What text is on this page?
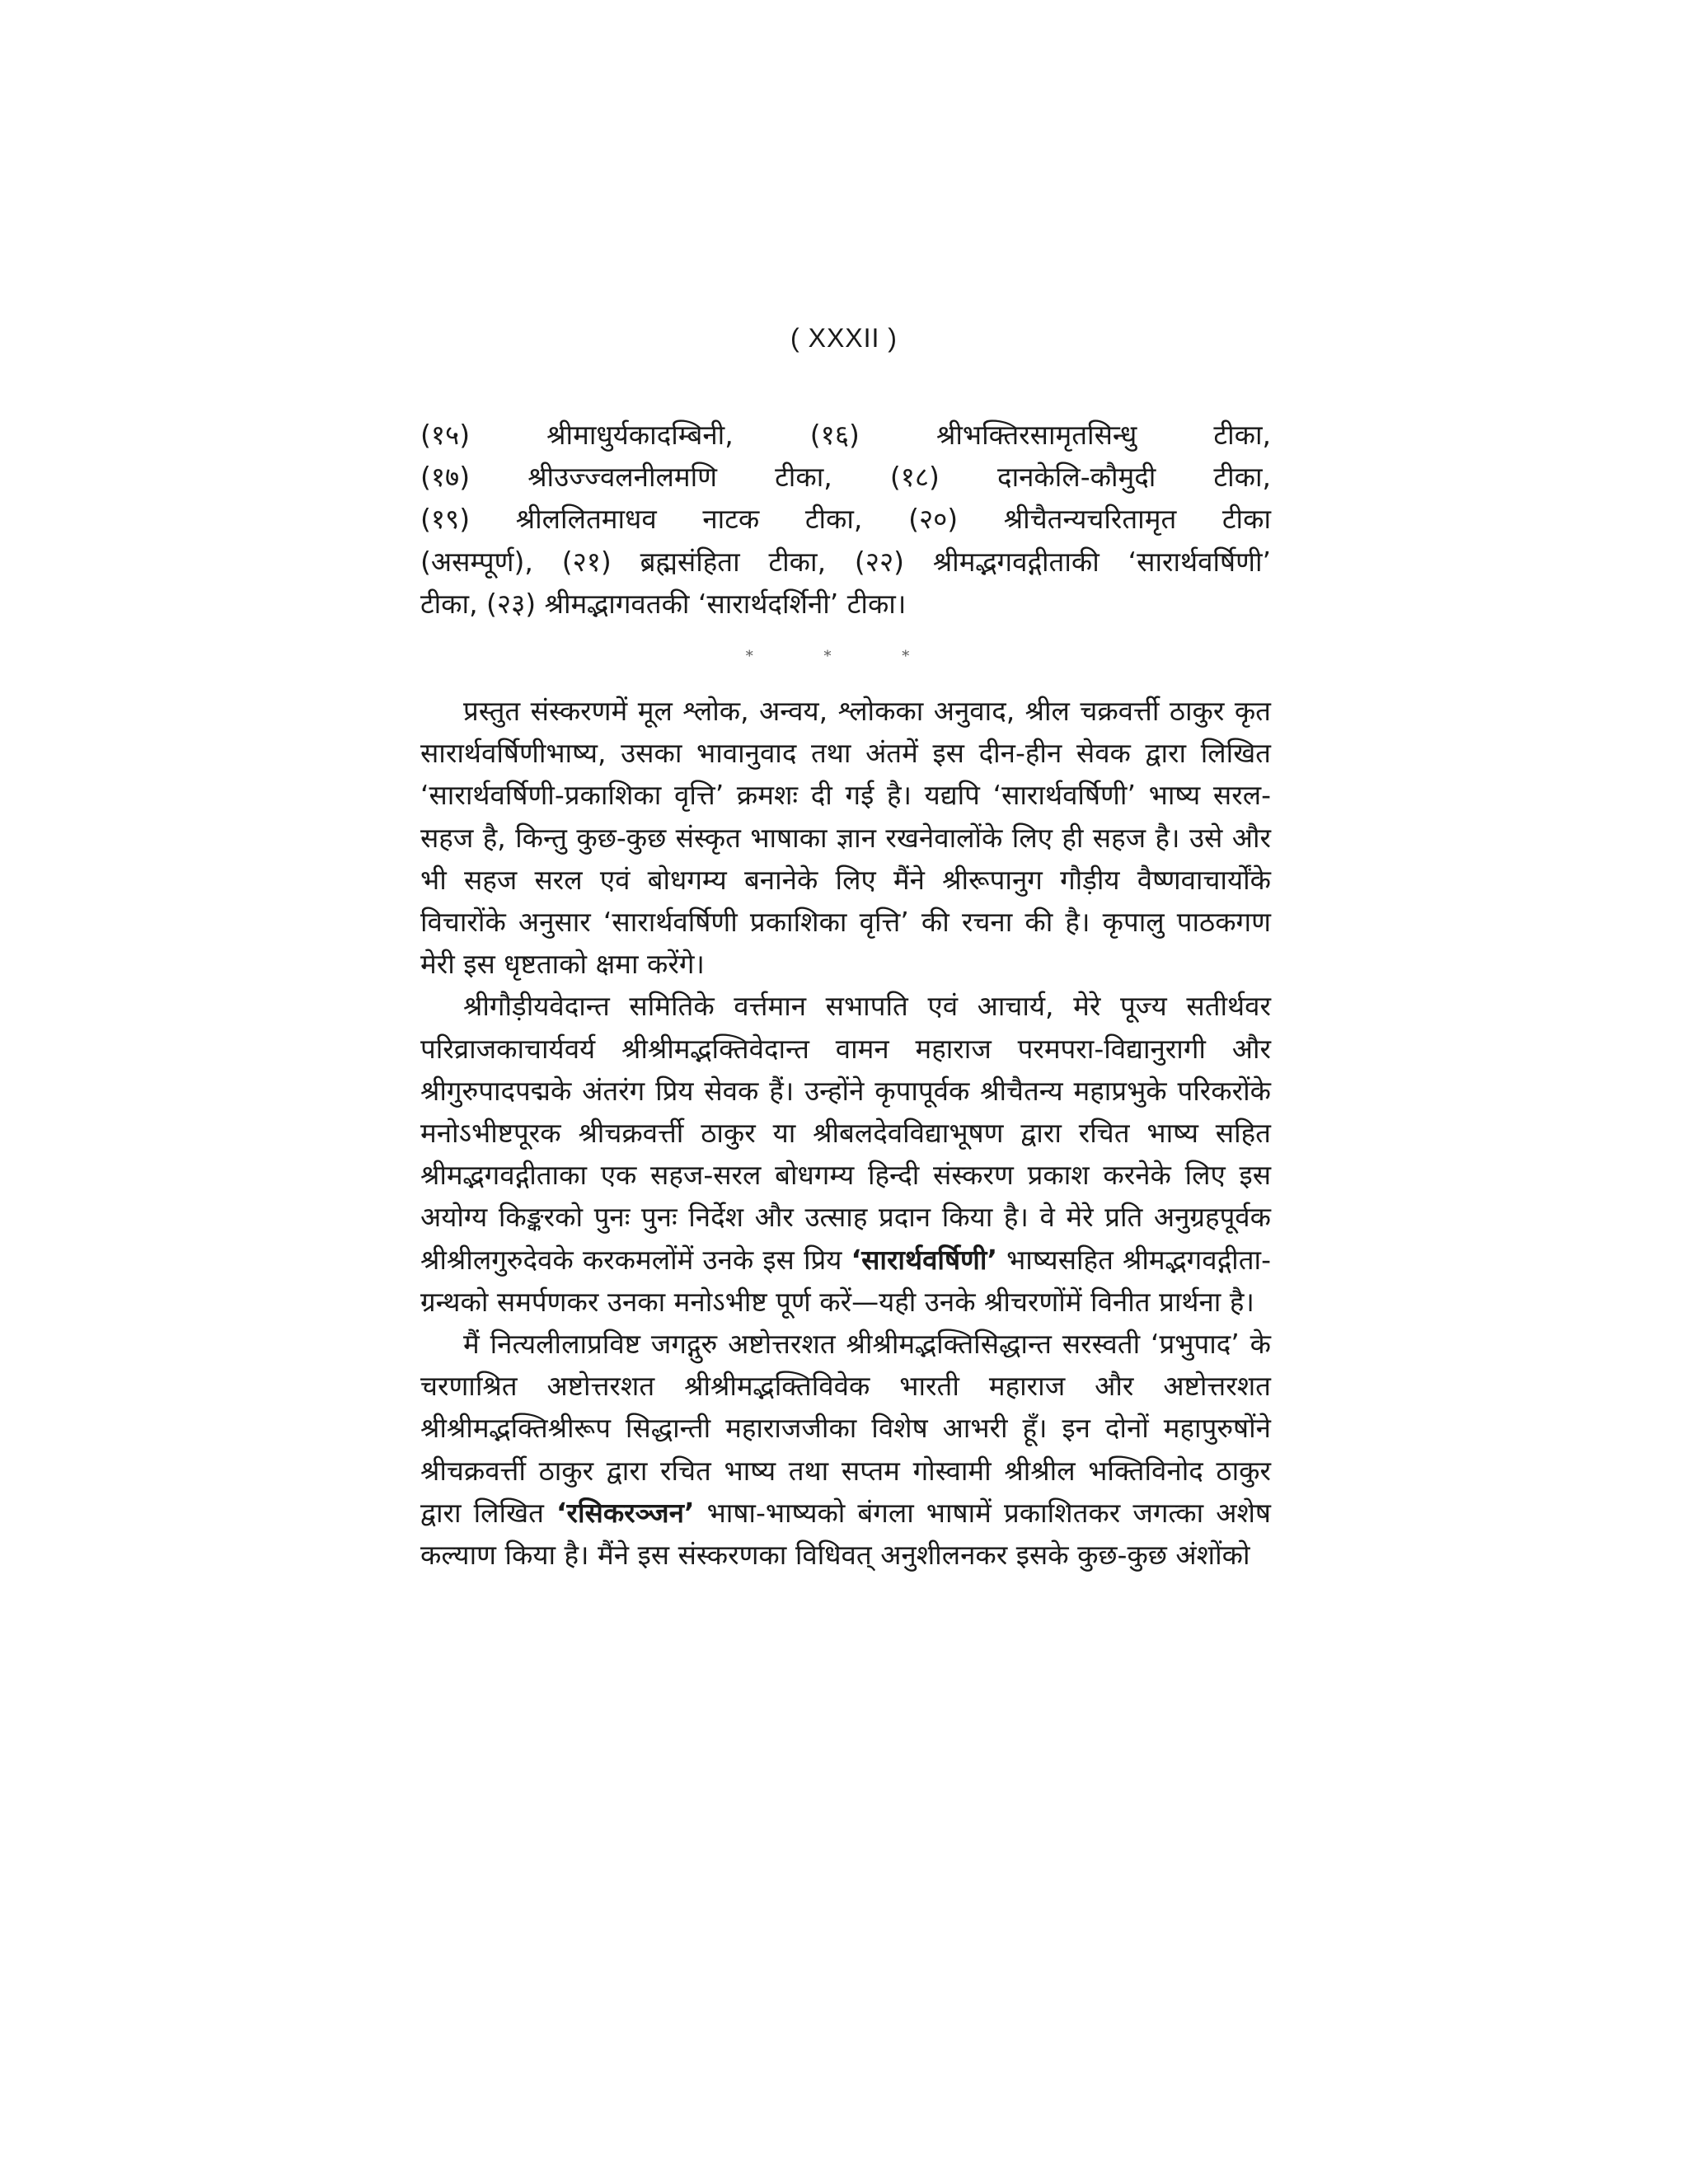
( XXXII )
(१५) श्रीमाधुर्यकादम्बिनी, (१६) श्रीभक्तिरसामृतसिन्धु टीका,
(१७) श्रीउज्ज्वलनीलमणि टीका, (१८) दानकेलि-कौमुदी टीका,
(१९) श्रीललितमाधव नाटक टीका, (२०) श्रीचैतन्यचरितामृत टीका
(असम्पूर्ण), (२१) ब्रह्मसंहिता टीका, (२२) श्रीमद्भगवद्गीताकी ‘सारार्थवर्षिणी’
टीका, (२३) श्रीमद्भागवतकी ‘सारार्थदर्शिनी’ टीका।
* * *

प्रस्तुत संस्करणमें मूल श्लोक, अन्वय, श्लोकका अनुवाद, श्रील चक्रवर्त्ती ठाकुर कृत सारार्थवर्षिणीभाष्य, उसका भावानुवाद तथा अंतमें इस दीन-हीन सेवक द्वारा लिखित ‘सारार्थवर्षिणी-प्रकाशिका वृत्ति’ क्रमशः दी गई है। यद्यपि ‘सारार्थवर्षिणी’ भाष्य सरल-सहज है, किन्तु कुछ-कुछ संस्कृत भाषाका ज्ञान रखनेवालोंके लिए ही सहज है। उसे और भी सहज सरल एवं बोधगम्य बनानेके लिए मैंने श्रीरूपानुग गौड़ीय वैष्णवाचार्योंके विचारोंके अनुसार ‘सारार्थवर्षिणी प्रकाशिका वृत्ति’ की रचना की है। कृपालु पाठकगण मेरी इस धृष्टताको क्षमा करेंगे।

श्रीगौड़ीयवेदान्त समितिके वर्त्तमान सभापति एवं आचार्य, मेरे पूज्य सतीर्थवर परिव्राजकाचार्यवर्य श्रीश्रीमद्भक्तिवेदान्त वामन महाराज परमपरा-विद्यानुरागी और श्रीगुरुपादपद्मके अंतरंग प्रिय सेवक हैं। उन्होंने कृपापूर्वक श्रीचैतन्य महाप्रभुके परिकरोंके मनोऽभीष्टपूरक श्रीचक्रवर्त्ती ठाकुर या श्रीबलदेवविद्याभूषण द्वारा रचित भाष्य सहित श्रीमद्भगवद्गीताका एक सहज-सरल बोधगम्य हिन्दी संस्करण प्रकाश करनेके लिए इस अयोग्य किङ्करको पुनः पुनः निर्देश और उत्साह प्रदान किया है। वे मेरे प्रति अनुग्रहपूर्वक श्रीश्रीलगुरुदेवके करकमलोंमें उनके इस प्रिय ‘सारार्थवर्षिणी’ भाष्यसहित श्रीमद्भगवद्गीता-ग्रन्थको समर्पणकर उनका मनोऽभीष्ट पूर्ण करें—यही उनके श्रीचरणोंमें विनीत प्रार्थना है।

मैं नित्यलीलाप्रविष्ट जगद्गुरु अष्टोत्तरशत श्रीश्रीमद्भक्तिसिद्धान्त सरस्वती ‘प्रभुपाद’ के चरणाश्रित अष्टोत्तरशत श्रीश्रीमद्भक्तिविवेक भारती महाराज और अष्टोत्तरशत श्रीश्रीमद्भक्तिश्रीरूप सिद्धान्ती महाराजजीका विशेष आभरी हूँ। इन दोनों महापुरुषोंने श्रीचक्रवर्त्ती ठाकुर द्वारा रचित भाष्य तथा सप्तम गोस्वामी श्रीश्रील भक्तिविनोद ठाकुर द्वारा लिखित ‘रसिकरञ्जन’ भाषा-भाष्यको बंगला भाषामें प्रकाशितकर जगत्का अशेष कल्याण किया है। मैंने इस संस्करणका विधिवत् अनुशीलनकर इसके कुछ-कुछ अंशोंको
